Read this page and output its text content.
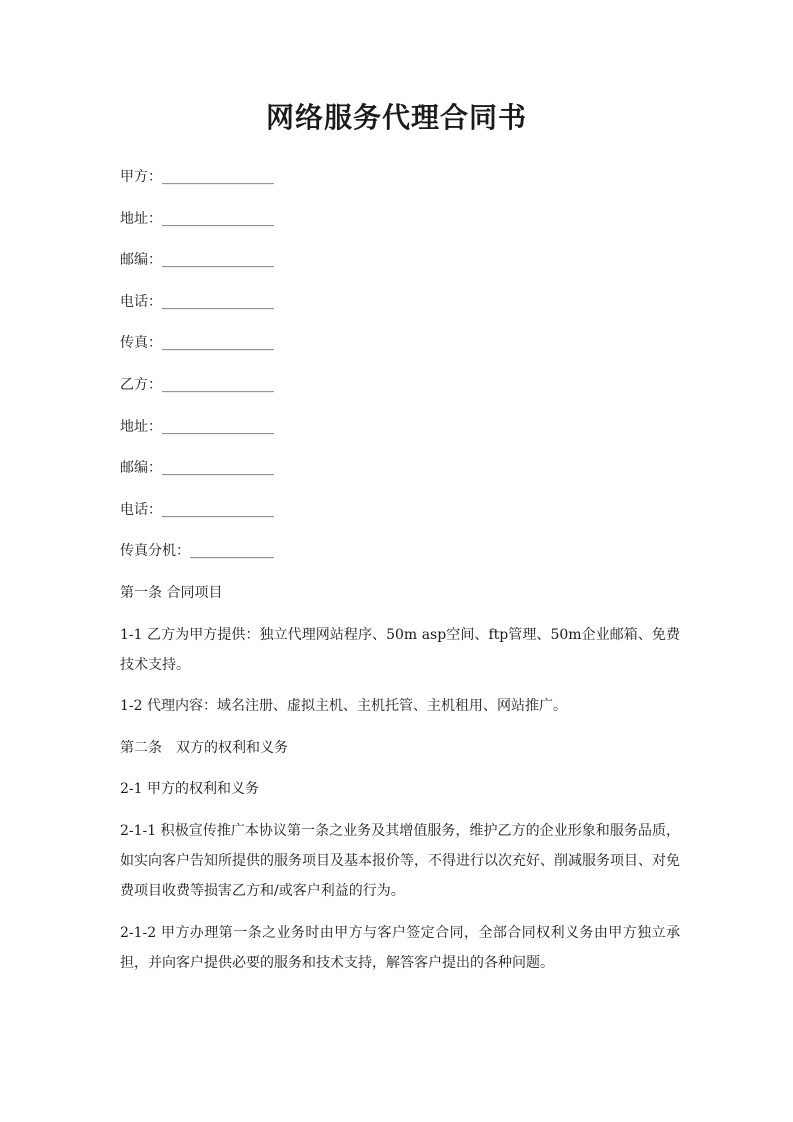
网络服务代理合同书
甲方：________________
地址：________________
邮编：________________
电话：________________
传真：________________
乙方：________________
地址：________________
邮编：________________
电话：________________
传真分机：____________

第一条 合同项目

1-1 乙方为甲方提供：独立代理网站程序、50m asp空间、ftp管理、50m企业邮箱、免费技术支持。

1-2 代理内容：域名注册、虚拟主机、主机托管、主机租用、网站推广。

第二条　双方的权利和义务

2-1 甲方的权利和义务

2-1-1 积极宣传推广本协议第一条之业务及其增值服务，维护乙方的企业形象和服务品质，如实向客户告知所提供的服务项目及基本报价等，不得进行以次充好、削减服务项目、对免费项目收费等损害乙方和/或客户利益的行为。

2-1-2 甲方办理第一条之业务时由甲方与客户签定合同，全部合同权利义务由甲方独立承担，并向客户提供必要的服务和技术支持，解答客户提出的各种问题。
